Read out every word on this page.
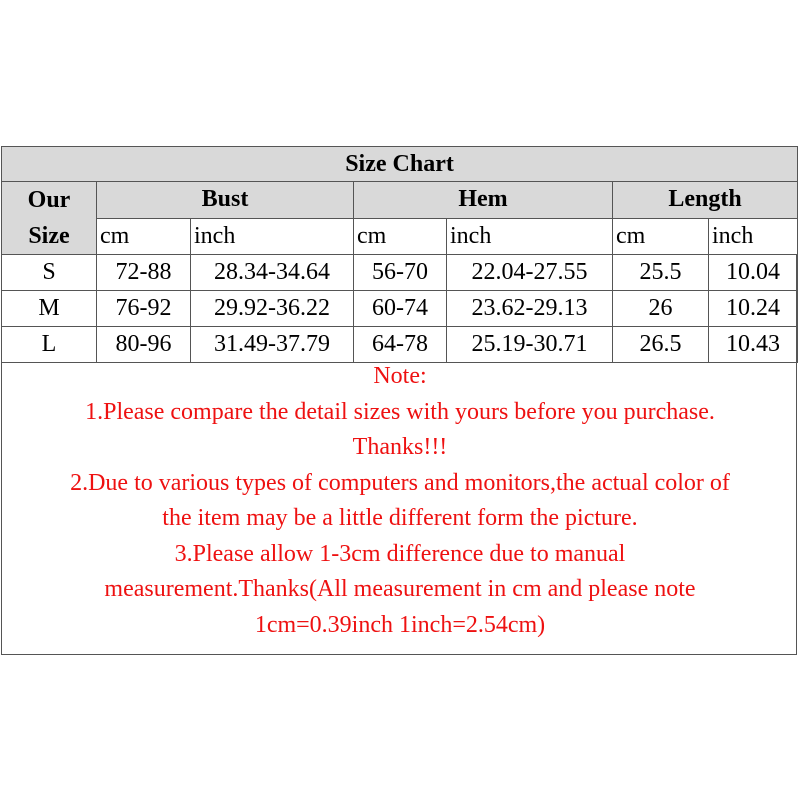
Size Chart						

Our
Size	Bust		Hem		Length	
	cm	inch	cm	inch	cm	inch
S	72-88	28.34-34.64	56-70	22.04-27.55	25.5	10.04
M	76-92	29.92-36.22	60-74	23.62-29.13	26	10.24
L	80-96	31.49-37.79	64-78	25.19-30.71	26.5	10.43
Note:
1.Please compare the detail sizes with yours before you purchase.
Thanks!!!
2.Due to various types of computers and monitors,the actual color of
the item may be a little different form the picture.
3.Please allow 1-3cm difference due to manual
measurement.Thanks(All measurement in cm and please note
1cm=0.39inch 1inch=2.54cm)
